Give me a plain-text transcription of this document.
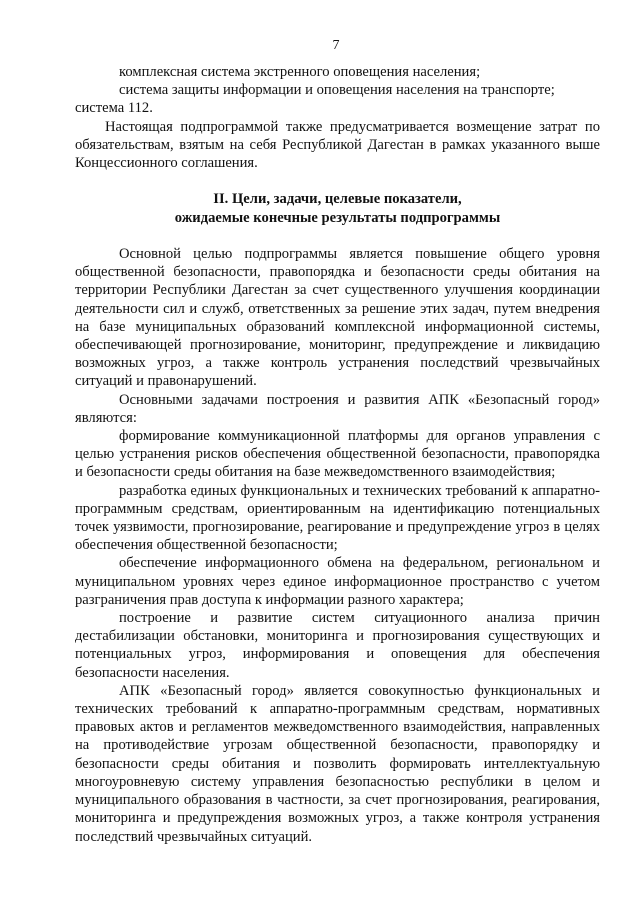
7

комплексная система экстренного оповещения населения;

система защиты информации и оповещения населения на транспорте;

система 112.

Настоящая подпрограммой также предусматривается возмещение затрат по обязательствам, взятым на себя Республикой Дагестан в рамках указанного выше Концессионного соглашения.

II. Цели, задачи, целевые показатели,
ожидаемые конечные результаты подпрограммы

Основной целью подпрограммы является повышение общего уровня общественной безопасности, правопорядка и безопасности среды обитания на территории Республики Дагестан за счет существенного улучшения координации деятельности сил и служб, ответственных за решение этих задач, путем внедрения на базе муниципальных образований комплексной информационной системы, обеспечивающей прогнозирование, мониторинг, предупреждение и ликвидацию возможных угроз, а также контроль устранения последствий чрезвычайных ситуаций и правонарушений.

Основными задачами построения и развития АПК «Безопасный город» являются:

формирование коммуникационной платформы для органов управления с целью устранения рисков обеспечения общественной безопасности, правопорядка и безопасности среды обитания на базе межведомственного взаимодействия;

разработка единых функциональных и технических требований к аппаратно-программным средствам, ориентированным на идентификацию потенциальных точек уязвимости, прогнозирование, реагирование и предупреждение угроз в целях обеспечения общественной безопасности;

обеспечение информационного обмена на федеральном, региональном и муниципальном уровнях через единое информационное пространство с учетом разграничения прав доступа к информации разного характера;

построение и развитие систем ситуационного анализа причин дестабилизации обстановки, мониторинга и прогнозирования существующих и потенциальных угроз, информирования и оповещения для обеспечения безопасности населения.

АПК «Безопасный город» является совокупностью функциональных и технических требований к аппаратно-программным средствам, нормативных правовых актов и регламентов межведомственного взаимодействия, направленных на противодействие угрозам общественной безопасности, правопорядку и безопасности среды обитания и позволить формировать интеллектуальную многоуровневую систему управления безопасностью республики в целом и муниципального образования в частности, за счет прогнозирования, реагирования, мониторинга и предупреждения возможных угроз, а также контроля устранения последствий чрезвычайных ситуаций.
